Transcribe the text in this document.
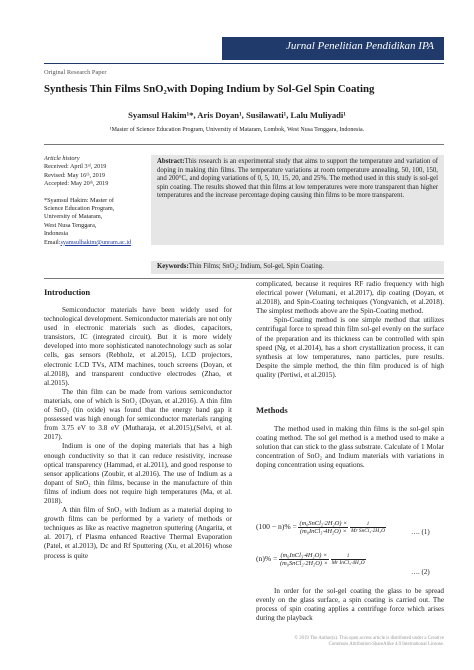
Jurnal Penelitian Pendidikan IPA
Original Research Paper
Synthesis Thin Films SnO₂with Doping Indium by Sol-Gel Spin Coating
Syamsul Hakim¹*, Aris Doyan¹, Susilawati¹, Lalu Muliyadi¹
¹Master of Science Education Program, University of Mataram, Lombok, West Nusa Tenggara, Indonesia.
Article history
Received: April 3ʳᵈ, 2019
Revised: May 16ᵗʰ, 2019
Accepted: May 20ᵗʰ, 2019
*Syamsul Hakim: Master of
Science Education Program,
University of Mataram,
West Nusa Tenggara,
Indonesia
Email:syamsulhakim@unram.ac.id
Abstract:This research is an experimental study that aims to support the temperature and variation of doping in making thin films. The temperature variations at room temperature annealing, 50, 100, 150, and 200°C, and doping variations of 0, 5, 10, 15, 20, and 25%. The method used in this study is sol-gel spin coating. The results showed that thin films at low temperatures were more transparent than higher temperatures and the increase percentage doping causing thin films to be more transparent.
Keywords:Thin Films; SnO₂; Indium, Sol-gel, Spin Coating.
Introduction

Semiconductor materials have been widely used for technological development. Semiconductor materials are not only used in electronic materials such as diodes, capacitors, transistors, IC (integrated circuit). But it is more widely developed into more sophisticated nanotechnology such as solar cells, gas sensors (Rebholz, et al.2015), LCD projectors, electronic LCD TVs, ATM machines, touch screens (Doyan, et al.2018), and transparent conductive electrodes (Zhao, et al.2015).

The thin film can be made from various semiconductor materials, one of which is SnO₂ (Doyan, et al.2016). A thin film of SnO₂ (tin oxide) was found that the energy band gap it possessed was high enough for semiconductor materials ranging from 3.75 eV to 3.8 eV (Mutharaja, et al.2015),(Selvi, et al. 2017).

Indium is one of the doping materials that has a high enough conductivity so that it can reduce resistivity, increase optical transparency (Hammad, et al.2011), and good response to sensor applications (Zoubir, et al.2016). The use of Indium as a dopant of SnO₂ thin films, because in the manufacture of thin films of indium does not require high temperatures (Ma, et al. 2018).

A thin film of SnO₂ with Indium as a material doping to growth films can be performed by a variety of methods or techniques as like as reactive magnetron sputtering (Angarita, et al. 2017), rf Plasma enhanced Reactive Thermal Evaporation (Patel, et al.2013), Dc and Rf Sputtering (Xu, et al.2016) whose process is quite

complicated, because it requires RF radio frequency with high electrical power (Velumani, et al.2017), dip coating (Doyan, et al.2018), and Spin-Coating techniques (Yongvanich, et al.2018). The simplest methods above are the Spin-Coating method.

Spin-Coating method is one simple method that utilizes centrifugal force to spread thin film sol-gel evenly on the surface of the preparation and its thickness can be controlled with spin speed (Ng, et al.2014), has a short crystallization process, it can synthesis at low temperatures, nano particles, pure results. Despite the simple method, the thin film produced is of high quality (Pertiwi, et al.2015).

Methods

The method used in making thin films is the sol-gel spin coating method. The sol gel method is a method used to make a solution that can stick to the glass substrate. Calculate of 1 Molar concentration of SnO₂ and Indium materials with variations in doping concentration using equations.

$(100 - n)\% = \frac{\text{(m₀SnCl₂·2H₂O) ×}}{\text{(m₀InCl₃·4H₂O) ×}}$
$\frac{1}{\text{Mr SnCl₂·2H₂O}}$	…. (1)
$(n)\% = \frac{\text{(m₀InCl₃·4H₂O) ×}}{\text{(m₀SnCl₂·2H₂O) ×}}$
$\frac{1}{\text{Mr InCl₃·4H₂O}}$
…. (2)

In order for the sol-gel coating the glass to be spread evenly on the glass surface, a spin coating is carried out. The process of spin coating applies a centrifuge force which arises during the playback

© 2019 The Author(s). This open access article is distributed under a Creative
Commons Attribution-ShareAlike 4.0 International License.
